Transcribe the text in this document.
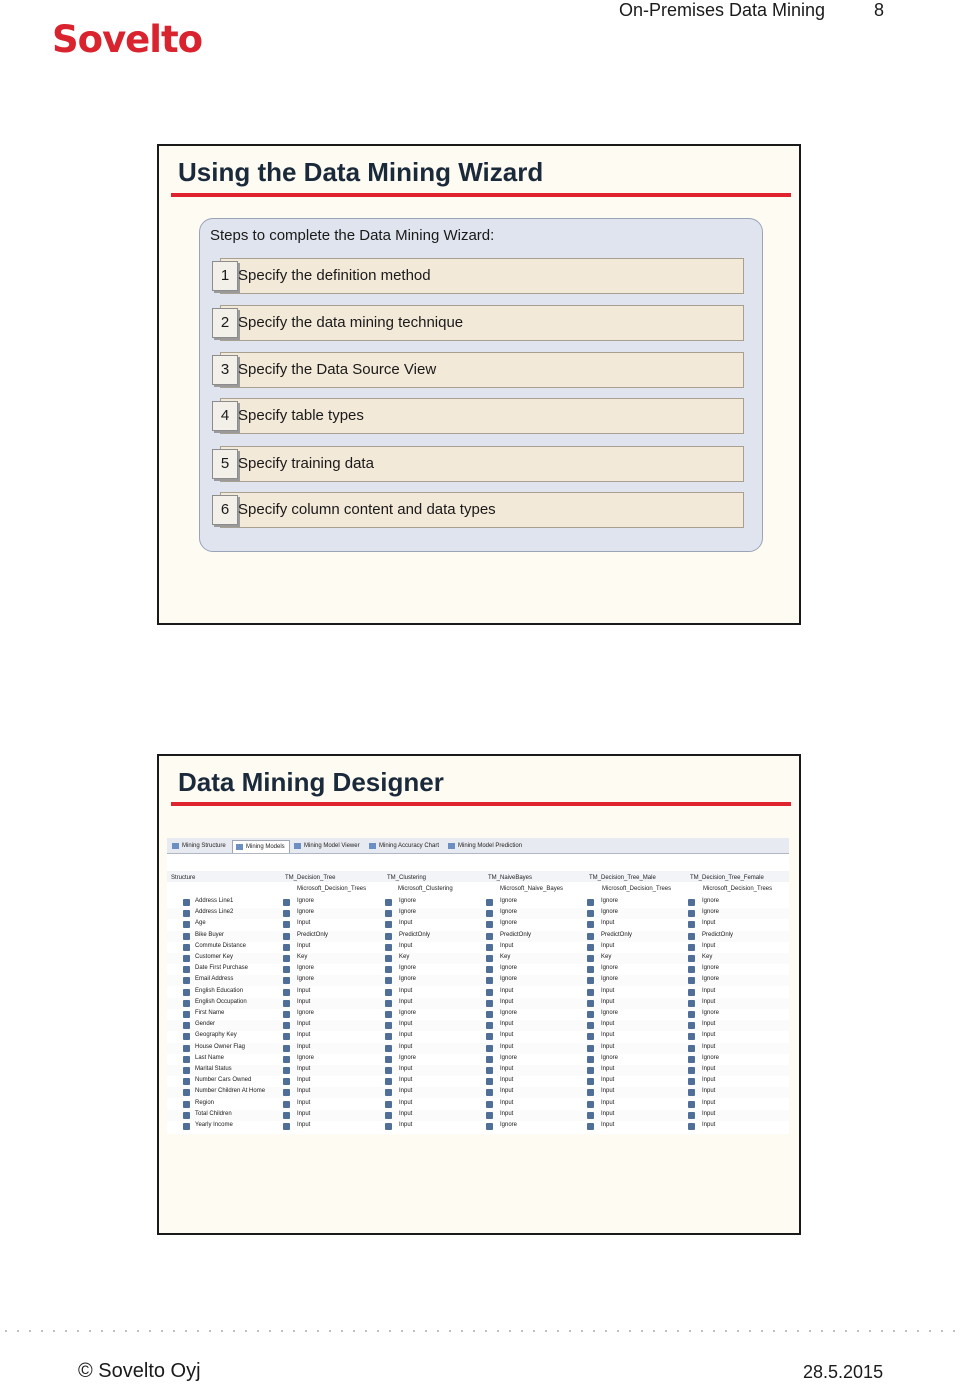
Sovelto
On-Premises Data Mining	8
Using the Data Mining Wizard
Steps to complete the Data Mining Wizard:
1 Specify the definition method
2 Specify the data mining technique
3 Specify the Data Source View
4 Specify table types
5 Specify training data
6 Specify column content and data types
Data Mining Designer
Mining Structure	Mining Models	Mining Model Viewer	Mining Accuracy Chart	Mining Model Prediction
Structure	TM_Decision_Tree	TM_Clustering	TM_NaiveBayes	TM_Decision_Tree_Male	TM_Decision_Tree_Female
Microsoft_Decision_Trees	Microsoft_Clustering	Microsoft_Naive_Bayes	Microsoft_Decision_Trees	Microsoft_Decision_Trees
Address Line1	Ignore	Ignore	Ignore	Ignore	Ignore
Address Line2	Ignore	Ignore	Ignore	Ignore	Ignore
Age	Input	Input	Ignore	Input	Input
Bike Buyer	PredictOnly	PredictOnly	PredictOnly	PredictOnly	PredictOnly
Commute Distance	Input	Input	Input	Input	Input
Customer Key	Key	Key	Key	Key	Key
Date First Purchase	Ignore	Ignore	Ignore	Ignore	Ignore
Email Address	Ignore	Ignore	Ignore	Ignore	Ignore
English Education	Input	Input	Input	Input	Input
English Occupation	Input	Input	Input	Input	Input
First Name	Ignore	Ignore	Ignore	Ignore	Ignore
Gender	Input	Input	Input	Input	Input
Geography Key	Input	Input	Input	Input	Input
House Owner Flag	Input	Input	Input	Input	Input
Last Name	Ignore	Ignore	Ignore	Ignore	Ignore
Marital Status	Input	Input	Input	Input	Input
Number Cars Owned	Input	Input	Input	Input	Input
Number Children At Home	Input	Input	Input	Input	Input
Region	Input	Input	Input	Input	Input
Total Children	Input	Input	Input	Input	Input
Yearly Income	Input	Input	Ignore	Input	Input
© Sovelto Oyj	28.5.2015
